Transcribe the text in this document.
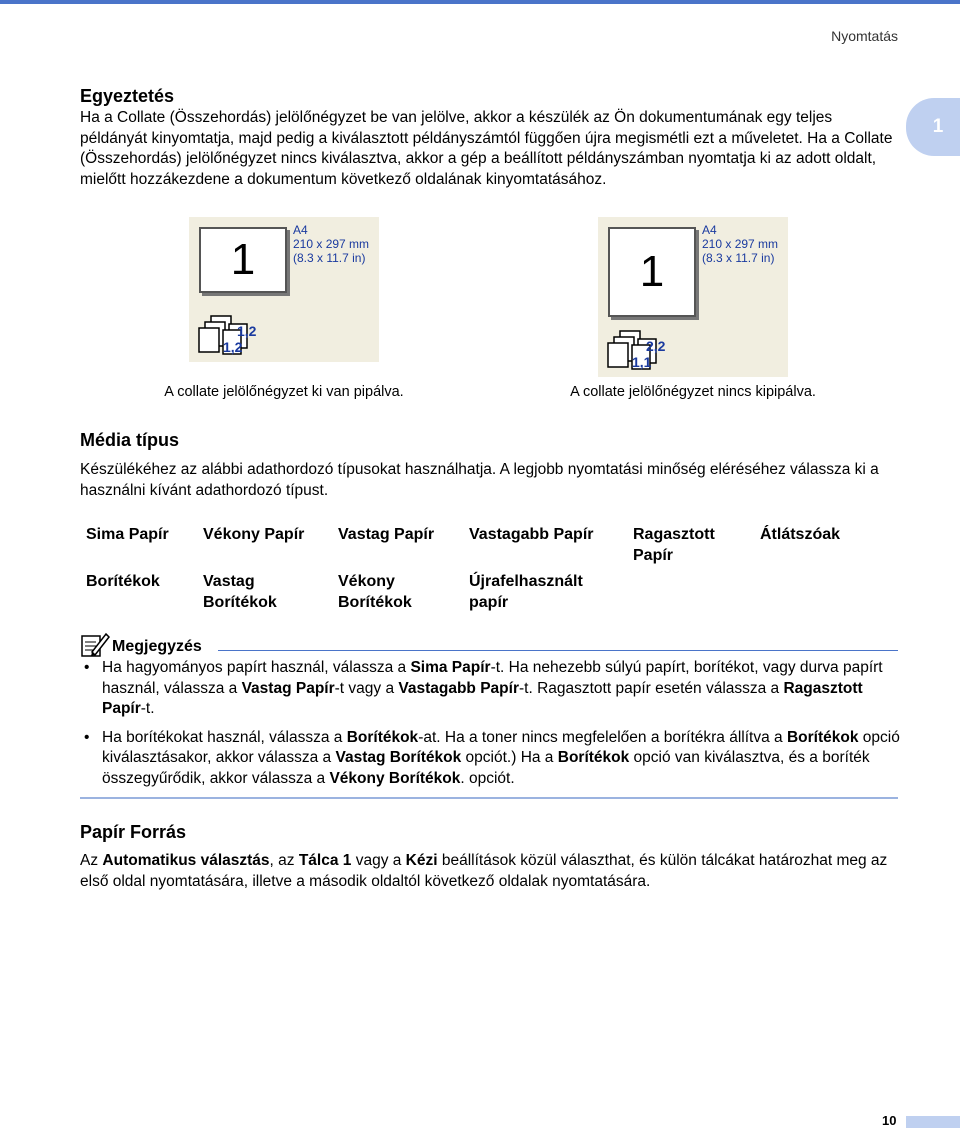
Nyomtatás
1
Egyeztetés

Ha a Collate (Összehordás) jelölőnégyzet be van jelölve, akkor a készülék az Ön dokumentumának egy teljes példányát kinyomtatja, majd pedig a kiválasztott példányszámtól függően újra megismétli ezt a műveletet. Ha a Collate (Összehordás) jelölőnégyzet nincs kiválasztva, akkor a gép a beállított példányszámban nyomtatja ki az adott oldalt, mielőtt hozzákezdene a dokumentum következő oldalának kinyomtatásához.

1
A4
210 x 297 mm
(8.3 x 11.7 in)
1,2
1,2
A collate jelölőnégyzet ki van pipálva.
1
A4
210 x 297 mm
(8.3 x 11.7 in)
2,2
1,1
A collate jelölőnégyzet nincs kipipálva.
Média típus

Készülékéhez az alábbi adathordozó típusokat használhatja. A legjobb nyomtatási minőség eléréséhez válassza ki a használni kívánt adathordozó típust.

Sima Papír Vékony Papír Vastag Papír Vastagabb Papír Ragasztott Papír
Átlátszóak
Borítékok	Vastag Borítékok
Vékony Borítékok
Újrafelhasznált papír
Megjegyzés
• Ha hagyományos papírt használ, válassza a Sima Papír-t. Ha nehezebb súlyú papírt, borítékot, vagy durva papírt használ, válassza a Vastag Papír-t vagy a Vastagabb Papír-t. Ragasztott papír esetén válassza a Ragasztott Papír-t.
• Ha borítékokat használ, válassza a Borítékok-at. Ha a toner nincs megfelelően a borítékra állítva a Borítékok opció kiválasztásakor, akkor válassza a Vastag Borítékok opciót.) Ha a Borítékok opció van kiválasztva, és a boríték összegyűrődik, akkor válassza a Vékony Borítékok. opciót.
Papír Forrás

Az Automatikus választás, az Tálca 1 vagy a Kézi beállítások közül választhat, és külön tálcákat határozhat meg az első oldal nyomtatására, illetve a második oldaltól következő oldalak nyomtatására.

10
